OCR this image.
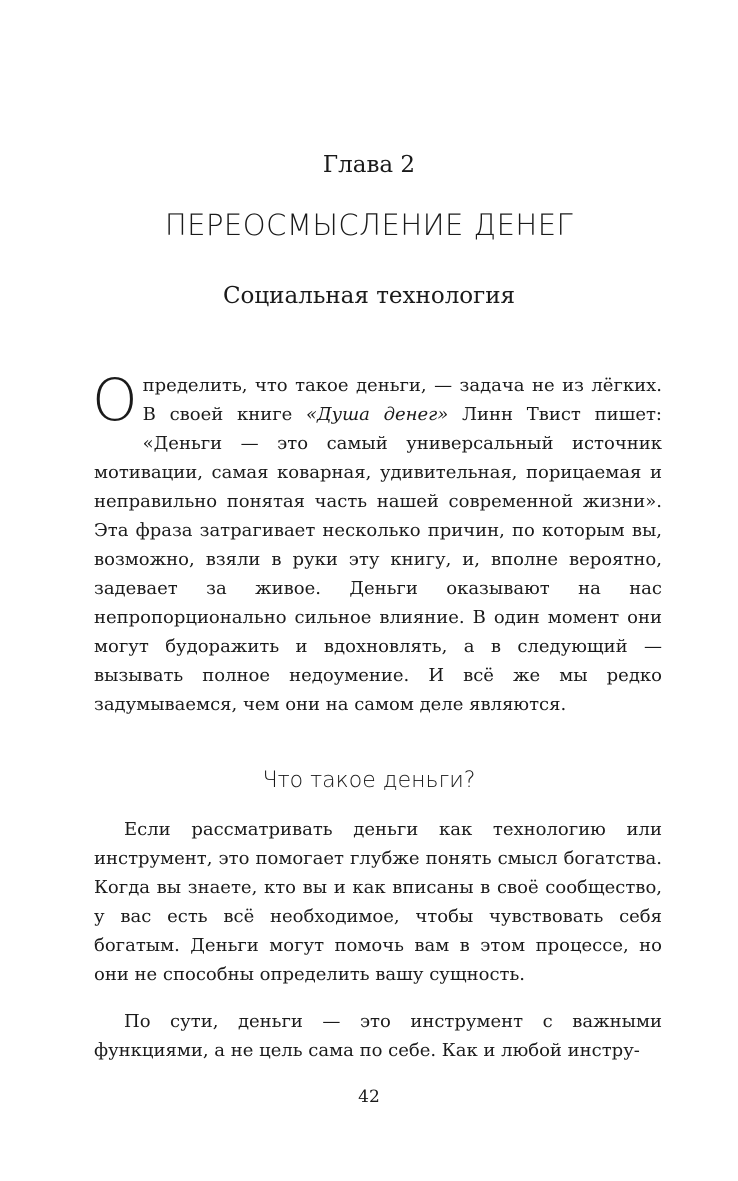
Глава 2
ПЕРЕОСМЫСЛЕНИЕ ДЕНЕГ
Социальная технология

Определить, что такое деньги, — задача не из лёгких. В своей книге «Душа денег» Линн Твист пишет: «Деньги — это самый универсальный источник мотивации, самая коварная, удивительная, порицаемая и неправильно понятая часть нашей современной жизни». Эта фраза затрагивает несколько причин, по которым вы, возможно, взяли в руки эту книгу, и, вполне вероятно, задевает за живое. Деньги оказывают на нас непропорционально сильное влияние. В один момент они могут будоражить и вдохновлять, а в следующий — вызывать полное недоумение. И всё же мы редко задумываемся, чем они на самом деле являются.

Что такое деньги?

Если рассматривать деньги как технологию или инструмент, это помогает глубже понять смысл богатства. Когда вы знаете, кто вы и как вписаны в своё сообщество, у вас есть всё необходимое, чтобы чувствовать себя богатым. Деньги могут помочь вам в этом процессе, но они не способны определить вашу сущность.

По сути, деньги — это инструмент с важными функциями, а не цель сама по себе. Как и любой инстру-

42
